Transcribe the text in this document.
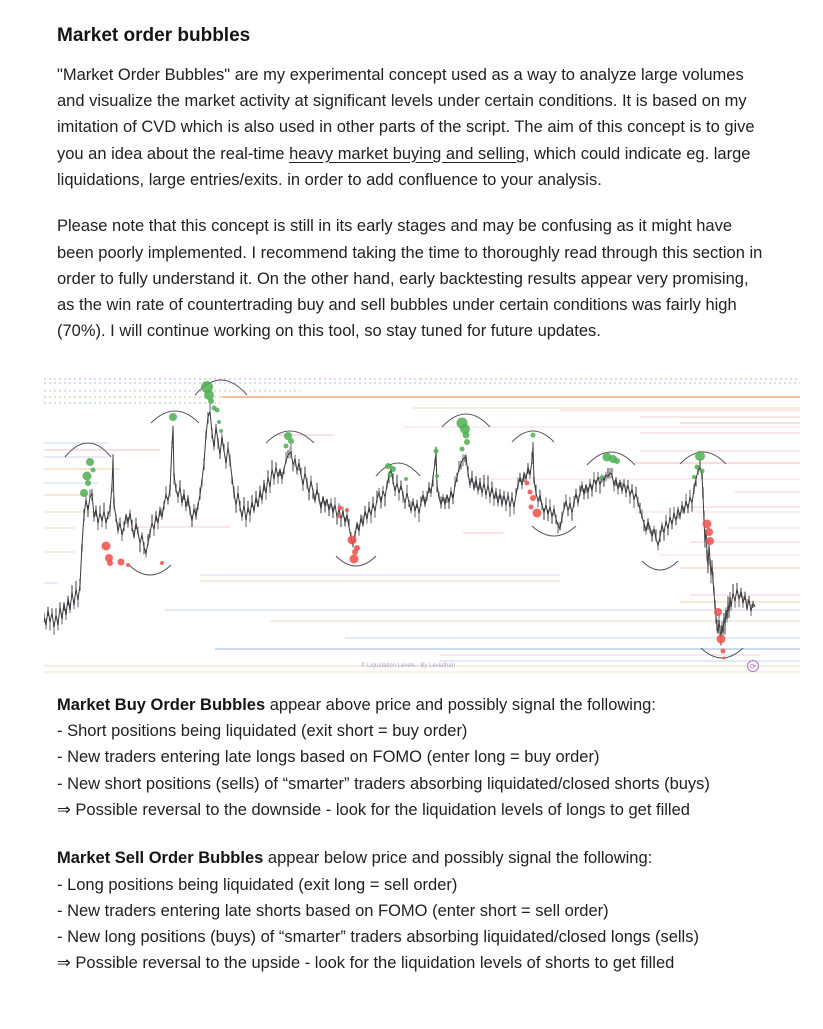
Market order bubbles

"Market Order Bubbles" are my experimental concept used as a way to analyze large volumes and visualize the market activity at significant levels under certain conditions. It is based on my imitation of CVD which is also used in other parts of the script. The aim of this concept is to give you an idea about the real-time heavy market buying and selling, which could indicate eg. large liquidations, large entries/exits. in order to add confluence to your analysis.

Please note that this concept is still in its early stages and may be confusing as it might have been poorly implemented. I recommend taking the time to thoroughly read through this section in order to fully understand it. On the other hand, early backtesting results appear very promising, as the win rate of countertrading buy and sell bubbles under certain conditions was fairly high (70%). I will continue working on this tool, so stay tuned for future updates.

© Liquidation Levels - By Leviathan	⟳
Market Buy Order Bubbles appear above price and possibly signal the following:
- Short positions being liquidated (exit short = buy order)
- New traders entering late longs based on FOMO (enter long = buy order)
- New short positions (sells) of “smarter” traders absorbing liquidated/closed shorts (buys)
⇒ Possible reversal to the downside - look for the liquidation levels of longs to get filled
Market Sell Order Bubbles appear below price and possibly signal the following:
- Long positions being liquidated (exit long = sell order)
- New traders entering late shorts based on FOMO (enter short = sell order)
- New long positions (buys) of “smarter” traders absorbing liquidated/closed longs (sells)
⇒ Possible reversal to the upside - look for the liquidation levels of shorts to get filled
